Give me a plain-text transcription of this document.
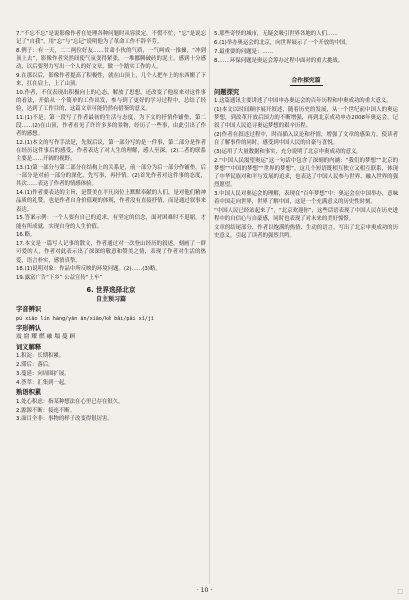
7.“不忘不忘”是说影像作者在处理各种问题时从容淡定，不慌不忙；“忘”是说忘记了“自我”，用“忘”与“忘记”说明他为了革命工作不辞辛劳。

8.例子：有一天，二二两位好友……甘肃小伙的气质，一气呵成一推搡，“冲到顶上去”，影像作者突然间使气氛变得紧张，一堆挪腾破砖的泥土，感到十分感动，以后要努力写出一个人的好文章，做一个踏实工作的人。

9.在那以后，影像作者提高了积极性，就在山顶上，几个人把车上的东西搬了下来，扛在肩上，上了山顶。

10.作者，不仅表现出积极向上的心态，解放了思想，还改变了他原来对这件事的看法，开始从一个简单的工作出发，参与到了更好的学习过程中，总结了经验，达到了工作目的，这篇文章可能仍然有借鉴的意义。

11.(1)不是。第一段写了作者最初的生活与态度，为下文的抒情作铺垫，第二段……(2)在山顶，作者看见了许许多多的景物，经历了一些事，由此引出了作者的感想。

12.(1)本文的写作手法是，先叙后议，第一部分写的是一件事，第二部分是作者在经历这件事后的感受，作者表达了对人生的理解，感人至深。(2)二者的联系主要是……开阔的视野。

13.(1)第一部分与第二部分在结构上的关系是，前一部分为后一部分作铺垫，后一部分是对前一部分的深化，先写事，再抒情。(2)首先作者对这件事的态度，其次……表达了作者的情感体验。

14.(1)作者要表达的主旨，是赞美在平凡岗位上默默奉献的人们，是对他们精神品质的礼赞，也是作者自身价值观的体现，作者没有直接抒情，而是通过叙事来表达。

15.答案示例：一个人要有自己的追求，有坚定的信念，面对困难时不退缩，才能有所成就，实现自身的人生价值。

16.略。

17.本文是一篇写人记事的散文，作者通过对一次登山经历的叙述，刻画了一群可爱的人，作者对此表示出了深深的敬意和赞美之情，表现了作者对生活的热爱，语言朴实，感情真挚。

18.(1)说明对象：作品中所反映的环境问题。(2)……(3)略。

19.露富广告“下乡” 公益宣传“上车”

6. 世界选择北京
自主预习篇
字音辨识
pú xiāo lín hàng/yān ān/xiāo/kě bǎi/pǎi xǐ/jī
字形辨认
震 窟 耀 燃 融 塌 蔓 顾
词义解释

1.积淀：长期积累。

2.滞后：落后。

3.蔓延：向周围扩展。

4.荟萃：汇集到一起。

熟语积累

1.处心积虑：指某种想法在心里已存在很久。

2.源源不断：接连不断。

3.面目全非：事物的样子改变得很厉害。

5.那些奇怪的城市，无疑会吸引世界各地的人们……

6.(1)举办奥运会的北京，向世界展示了一个开放的中国。

7.最重要的问题是：……

8.……环保问题是奥运会筹办过程中面对的重大挑战。

合作探究篇
问题探究

1.这篇通讯主要讲述了中国申办奥运会的百年历程和申奥成功的重大意义。

(1)本文以时间顺序展开叙述，随着历史的发展，从一个世纪前中国人的奥运梦想，到改革开放后国力的不断增强，再到北京成功申办2008年奥运会，记叙了中国人民追寻奥运梦想的艰辛历程。

(2)作者在叙述过程中，时而插入议论和抒情，增强了文章的感染力，使读者在了解事件的同时，感受到中国人民的自豪与喜悦。

(3)运用了大量数据和事实，充分说明了北京申奥成功的意义。

2.“中国人民渴望奥运”这一句话中包含了深刻的内涵：“我们的梦想”“北京的梦想”“中国的梦想”“世界的梦想”。这几个短语既相互独立又相互联系，体现了中华民族对和平与发展的追求，也表达了中国人民参与世界、融入世界的强烈愿望。

3.中国人民对奥运会的理解，表现在“百年梦想”中：奥运会在中国举办，意味着中国走向世界，世界了解中国，这是一个充满意义的历史性时刻。

“中国人民已经站起来了”，“北京欢迎你”，这些话语表现了中国人民在历史进程中的自信心与自豪感，同时也表现了对未来的美好憧憬。

文章的结尾部分，作者以饱满的热情、生动的语言，写出了北京申奥成功的历史意义，引起了读者的强烈共鸣。

· 10 ·	□
